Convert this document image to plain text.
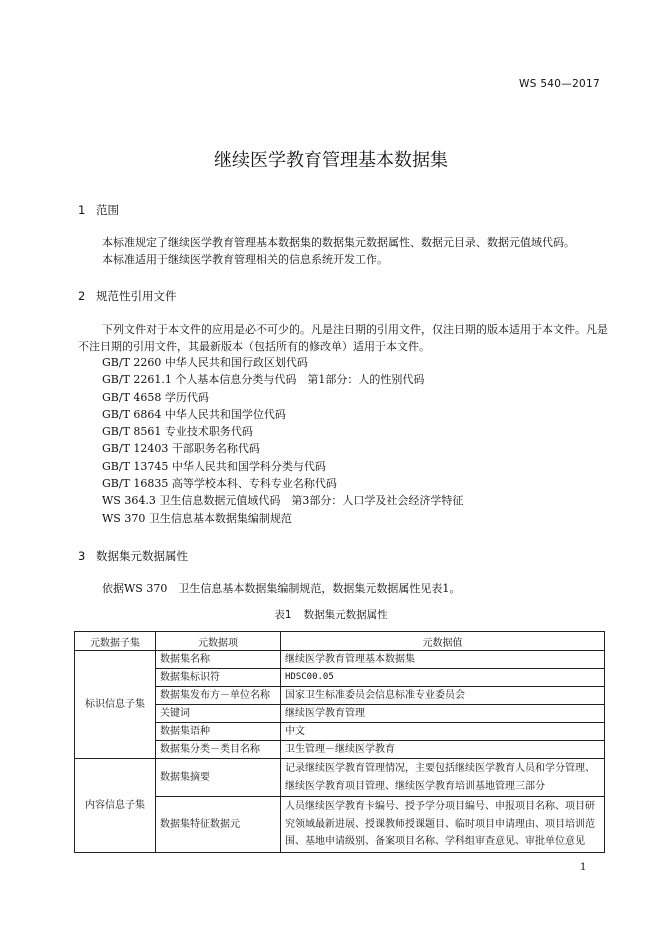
WS 540—2017
继续医学教育管理基本数据集
1 范围

本标准规定了继续医学教育管理基本数据集的数据集元数据属性、数据元目录、数据元值域代码。

本标准适用于继续医学教育管理相关的信息系统开发工作。

2 规范性引用文件

下列文件对于本文件的应用是必不可少的。凡是注日期的引用文件，仅注日期的版本适用于本文件。凡是不注日期的引用文件，其最新版本（包括所有的修改单）适用于本文件。

GB/T 2260 中华人民共和国行政区划代码
GB/T 2261.1 个人基本信息分类与代码　第1部分：人的性别代码
GB/T 4658 学历代码
GB/T 6864 中华人民共和国学位代码
GB/T 8561 专业技术职务代码
GB/T 12403 干部职务名称代码
GB/T 13745 中华人民共和国学科分类与代码
GB/T 16835 高等学校本科、专科专业名称代码
WS 364.3 卫生信息数据元值域代码　第3部分：人口学及社会经济学特征
WS 370 卫生信息基本数据集编制规范
3 数据集元数据属性

依据WS 370　卫生信息基本数据集编制规范，数据集元数据属性见表1。

表1 数据集元数据属性
元数据子集	元数据项	元数据值
标识信息子集	数据集名称	继续医学教育管理基本数据集
	数据集标识符	HDSC00.05
	数据集发布方－单位名称	国家卫生标准委员会信息标准专业委员会
	关键词	继续医学教育管理
	数据集语种	中文
	数据集分类－类目名称	卫生管理－继续医学教育
内容信息子集	数据集摘要	记录继续医学教育管理情况，主要包括继续医学教育人员和学分管理、继续医学教育项目管理、继续医学教育培训基地管理三部分
	数据集特征数据元	人员继续医学教育卡编号、授予学分项目编号、申报项目名称、项目研究领域最新进展、授课教师授课题目、临时项目申请理由、项目培训范围、基地申请级别、备案项目名称、学科组审查意见、审批单位意见
1
